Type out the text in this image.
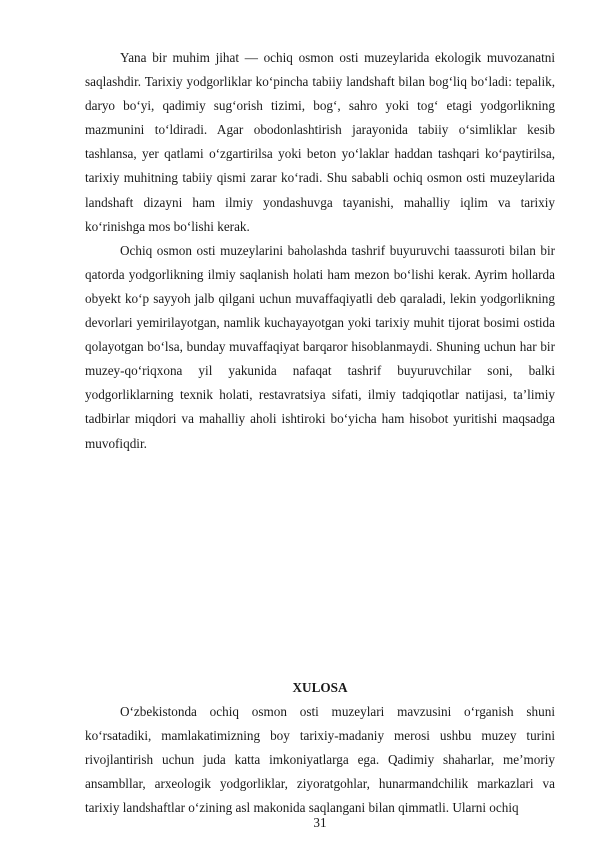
Yana bir muhim jihat — ochiq osmon osti muzeylarida ekologik muvozanatni saqlashdir. Tarixiy yodgorliklar ko‘pincha tabiiy landshaft bilan bog‘liq bo‘ladi: tepalik, daryo bo‘yi, qadimiy sug‘orish tizimi, bog‘, sahro yoki tog‘ etagi yodgorlikning mazmunini to‘ldiradi. Agar obodonlashtirish jarayonida tabiiy o‘simliklar kesib tashlansa, yer qatlami o‘zgartirilsa yoki beton yo‘laklar haddan tashqari ko‘paytirilsa, tarixiy muhitning tabiiy qismi zarar ko‘radi. Shu sababli ochiq osmon osti muzeylarida landshaft dizayni ham ilmiy yondashuvga tayanishi, mahalliy iqlim va tarixiy ko‘rinishga mos bo‘lishi kerak.

Ochiq osmon osti muzeylarini baholashda tashrif buyuruvchi taassuroti bilan bir qatorda yodgorlikning ilmiy saqlanish holati ham mezon bo‘lishi kerak. Ayrim hollarda obyekt ko‘p sayyoh jalb qilgani uchun muvaffaqiyatli deb qaraladi, lekin yodgorlikning devorlari yemirilayotgan, namlik kuchayayotgan yoki tarixiy muhit tijorat bosimi ostida qolayotgan bo‘lsa, bunday muvaffaqiyat barqaror hisoblanmaydi. Shuning uchun har bir muzey-qo‘riqxona yil yakunida nafaqat tashrif buyuruvchilar soni, balki yodgorliklarning texnik holati, restavratsiya sifati, ilmiy tadqiqotlar natijasi, ta’limiy tadbirlar miqdori va mahalliy aholi ishtiroki bo‘yicha ham hisobot yuritishi maqsadga muvofiqdir.

XULOSA

O‘zbekistonda ochiq osmon osti muzeylari mavzusini o‘rganish shuni ko‘rsatadiki, mamlakatimizning boy tarixiy-madaniy merosi ushbu muzey turini rivojlantirish uchun juda katta imkoniyatlarga ega. Qadimiy shaharlar, me’moriy ansambllar, arxeologik yodgorliklar, ziyoratgohlar, hunarmandchilik markazlari va tarixiy landshaftlar o‘zining asl makonida saqlangani bilan qimmatli. Ularni ochiq

31
